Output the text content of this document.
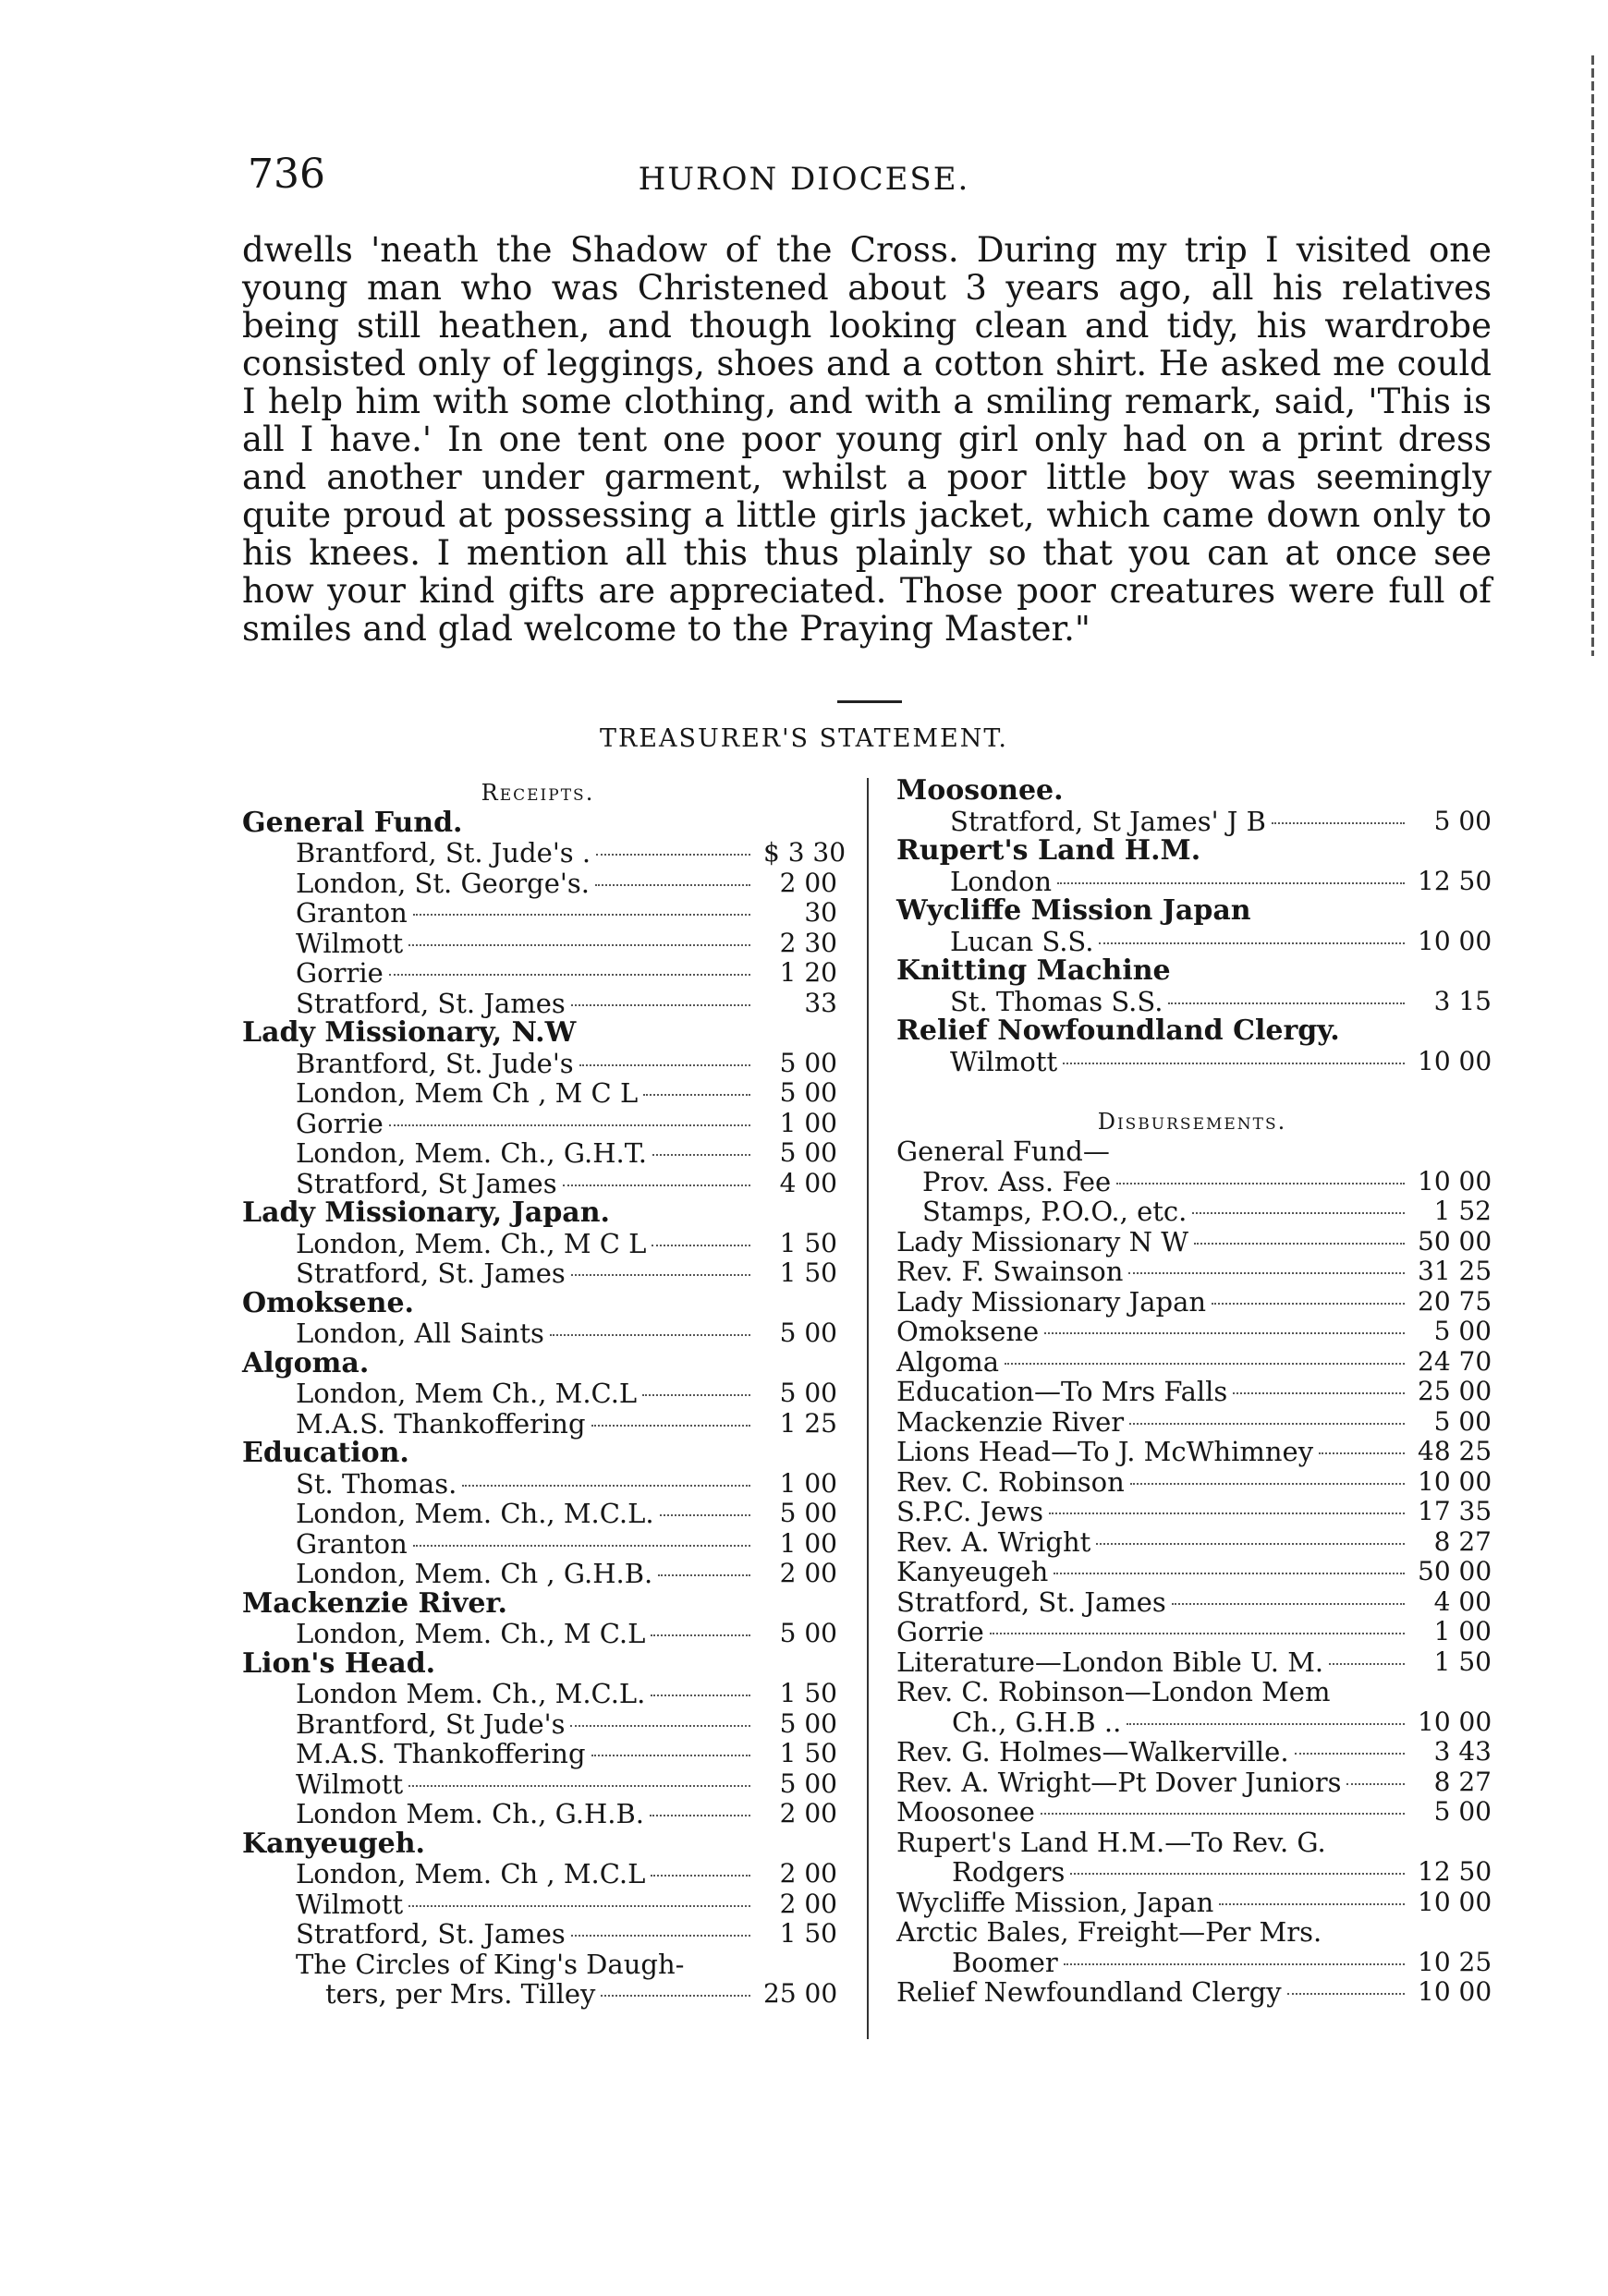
736	HURON DIOCESE.

dwells 'neath the Shadow of the Cross. During my trip I visited one young man who was Christened about 3 years ago, all his relatives being still heathen, and though looking clean and tidy, his wardrobe consisted only of leggings, shoes and a cotton shirt. He asked me could I help him with some clothing, and with a smiling remark, said, 'This is all I have.' In one tent one poor young girl only had on a print dress and another under garment, whilst a poor little boy was seemingly quite proud at possessing a little girls jacket, which came down only to his knees. I mention all this thus plainly so that you can at once see how your kind gifts are appreciated. Those poor creatures were full of smiles and glad welcome to the Praying Master."

TREASURER'S STATEMENT.
Receipts.
General Fund.
Brantford, St. Jude's .	$ 3 30
London, St. George's.	2 00
Granton	30
Wilmott	2 30
Gorrie	1 20
Stratford, St. James	33
Lady Missionary, N.W
Brantford, St. Jude's	5 00
London, Mem Ch , M C L	5 00
Gorrie	1 00
London, Mem. Ch., G.H.T.	5 00
Stratford, St James	4 00
Lady Missionary, Japan.
London, Mem. Ch., M C L	1 50
Stratford, St. James	1 50
Omoksene.
London, All Saints	5 00
Algoma.
London, Mem Ch., M.C.L	5 00
M.A.S. Thankoffering	1 25
Education.
St. Thomas.	1 00
London, Mem. Ch., M.C.L.	5 00
Granton	1 00
London, Mem. Ch , G.H.B.	2 00
Mackenzie River.
London, Mem. Ch., M C.L	5 00
Lion's Head.
London Mem. Ch., M.C.L.	1 50
Brantford, St Jude's	5 00
M.A.S. Thankoffering	1 50
Wilmott	5 00
London Mem. Ch., G.H.B.	2 00
Kanyeugeh.
London, Mem. Ch , M.C.L	2 00
Wilmott	2 00
Stratford, St. James	1 50
The Circles of King's Daugh-
ters, per Mrs. Tilley	25 00
Moosonee.
Stratford, St James' J B	5 00
Rupert's Land H.M.
London	12 50
Wycliffe Mission Japan
Lucan S.S.	10 00
Knitting Machine
St. Thomas S.S.	3 15
Relief Nowfoundland Clergy.
Wilmott	10 00
Disbursements.
General Fund—
Prov. Ass. Fee	10 00
Stamps, P.O.O., etc.	1 52
Lady Missionary N W	50 00
Rev. F. Swainson	31 25
Lady Missionary Japan	20 75
Omoksene	5 00
Algoma	24 70
Education—To Mrs Falls	25 00
Mackenzie River	5 00
Lions Head—To J. McWhimney	48 25
Rev. C. Robinson	10 00
S.P.C. Jews	17 35
Rev. A. Wright	8 27
Kanyeugeh	50 00
Stratford, St. James	4 00
Gorrie	1 00
Literature—London Bible U. M.	1 50
Rev. C. Robinson—London Mem
Ch., G.H.B ..	10 00
Rev. G. Holmes—Walkerville.	3 43
Rev. A. Wright—Pt Dover Juniors	8 27
Moosonee	5 00
Rupert's Land H.M.—To Rev. G.
Rodgers	12 50
Wycliffe Mission, Japan	10 00
Arctic Bales, Freight—Per Mrs.
Boomer	10 25
Relief Newfoundland Clergy	10 00
